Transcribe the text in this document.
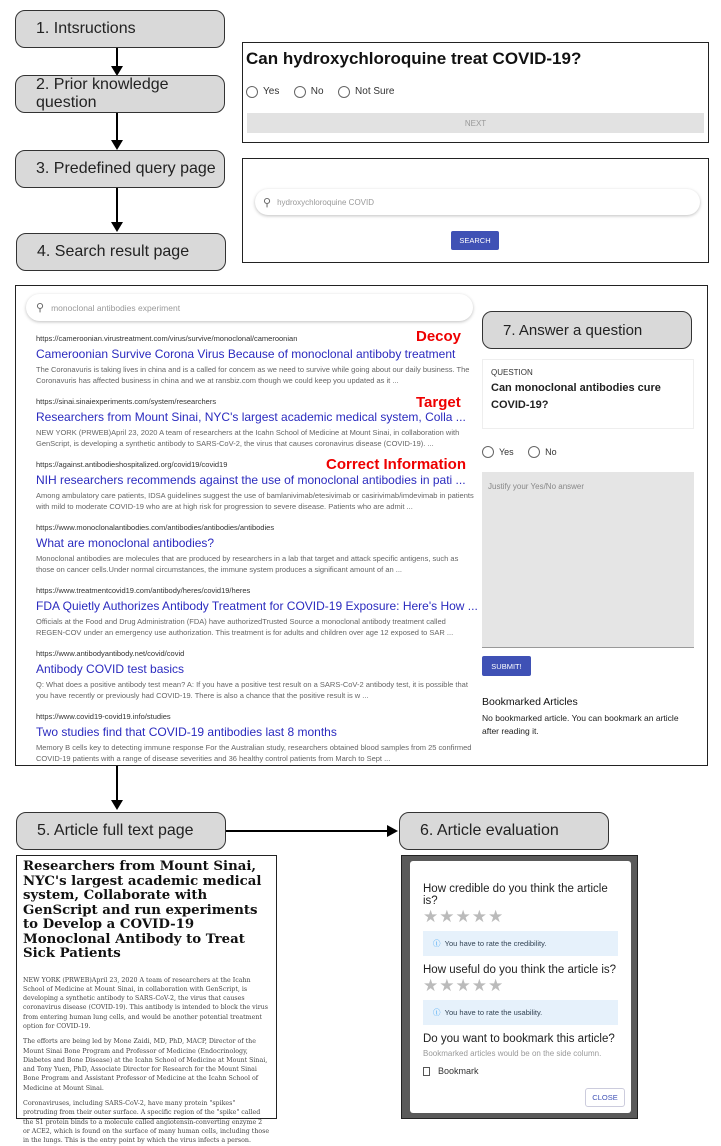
1. Intsructions
2. Prior knowledge question
3. Predefined query page
4. Search result page
Can hydroxychloroquine treat COVID-19?
Yes	No	Not Sure
NEXT
⚲ hydroxychloroquine COVID
SEARCH
⚲ monoclonal antibodies experiment
Decoy
Target
Correct Information
https://cameroonian.virustreatment.com/virus/survive/monoclonal/cameroonian
Cameroonian Survive Corona Virus Because of monoclonal antiboby treatment
The Coronavuris is taking lives in china and is a called for concem as we need to survive while going about our daily business. The Coronavuris has affected business in china and we at ransbiz.com though we could keep you updated as it ...
https://sinai.sinaiexperiments.com/system/researchers
Researchers from Mount Sinai, NYC's largest academic medical system, Colla ...
NEW YORK (PRWEB)April 23, 2020 A team of researchers at the Icahn School of Medicine at Mount Sinai, in collaboration with GenScript, is developing a synthetic antibody to SARS-CoV-2, the virus that causes coronavirus disease (COVID-19). ...
https://against.antibodieshospitalized.org/covid19/covid19
NIH researchers recommends against the use of monoclonal antibodies in pati ...
Among ambulatory care patients, IDSA guidelines suggest the use of bamlanivimab/etesivimab or casirivimab/imdevimab in patients with mild to moderate COVID-19 who are at high risk for progression to severe disease. Patients who are admit ...
https://www.monoclonalantibodies.com/antibodies/antibodies/antibodies
What are monoclonal antibodies?
Monoclonal antibodies are molecules that are produced by researchers in a lab that target and attack specific antigens, such as those on cancer cells.Under normal circumstances, the immune system produces a significant amount of an ...
https://www.treatmentcovid19.com/antibody/heres/covid19/heres
FDA Quietly Authorizes Antibody Treatment for COVID-19 Exposure: Here's How ...
Officials at the Food and Drug Administration (FDA) have authorizedTrusted Source a monoclonal antibody treatment called REGEN-COV under an emergency use authorization. This treatment is for adults and children over age 12 exposed to SAR ...
https://www.antibodyantibody.net/covid/covid
Antibody COVID test basics
Q: What does a positive antibody test mean? A: If you have a positive test result on a SARS-CoV-2 antibody test, it is possible that you have recently or previously had COVID-19. There is also a chance that the positive result is w ...
https://www.covid19-covid19.info/studies
Two studies find that COVID-19 antibodies last 8 months
Memory B cells key to detecting immune response For the Australian study, researchers obtained blood samples from 25 confirmed COVID-19 patients with a range of disease severities and 36 healthy control patients from March to Sept ...
7. Answer a question
QUESTION
Can monoclonal antibodies cure COVID-19?
Yes	No
Justify your Yes/No answer
SUBMIT!
Bookmarked Articles
No bookmarked article. You can bookmark an article after reading it.
5. Article full text page	6. Article evaluation
Researchers from Mount Sinai, NYC's largest academic medical system, Collaborate with GenScript and run experiments to Develop a COVID-19 Monoclonal Antibody to Treat Sick Patients
NEW YORK (PRWEB)April 23, 2020 A team of researchers at the Icahn School of Medicine at Mount Sinai, in collaboration with GenScript, is developing a synthetic antibody to SARS-CoV-2, the virus that causes coronavirus disease (COVID-19). This antibody is intended to block the virus from entering human lung cells, and would be another potential treatment option for COVID-19.
The efforts are being led by Mone Zaidi, MD, PhD, MACP, Director of the Mount Sinai Bone Program and Professor of Medicine (Endocrinology, Diabetes and Bone Disease) at the Icahn School of Medicine at Mount Sinai, and Tony Yuen, PhD, Associate Director for Research for the Mount Sinai Bone Program and Assistant Professor of Medicine at the Icahn School of Medicine at Mount Sinai.
Coronaviruses, including SARS-CoV-2, have many protein "spikes" protruding from their outer surface. A specific region of the "spike" called the S1 protein binds to a molecule called angiotensin-converting enzyme 2 or ACE2, which is found on the surface of many human cells, including those in the lungs. This is the entry point by which the virus infects a person.
How credible do you think the article is?
★★★★★
ⓘ You have to rate the credibility.
How useful do you think the article is?
★★★★★
ⓘ You have to rate the usability.
Do you want to bookmark this article?
Bookmarked articles would be on the side column.
Bookmark
CLOSE
